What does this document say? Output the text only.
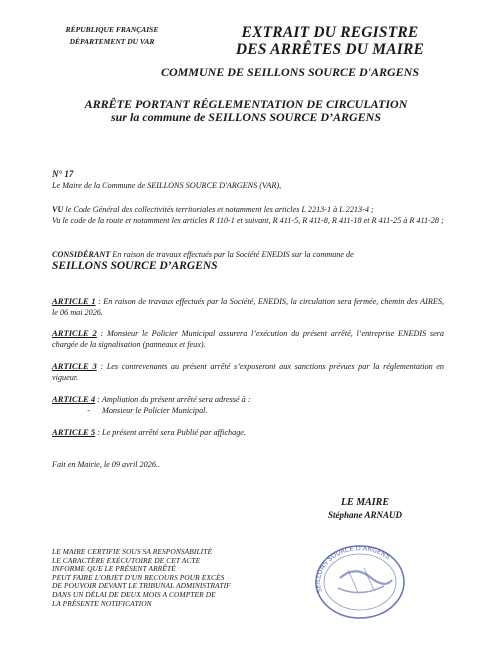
RÉPUBLIQUE FRANÇAISE
DÉPARTEMENT DU VAR
EXTRAIT DU REGISTRE
DES ARRÊTES DU MAIRE
COMMUNE DE SEILLONS SOURCE D'ARGENS
ARRÊTE PORTANT RÉGLEMENTATION DE CIRCULATION
sur la commune de SEILLONS SOURCE D’ARGENS
N° 17
Le Maire de la Commune de SEILLONS SOURCE D'ARGENS (VAR),
VU le Code Général des collectivités territoriales et notamment les articles L 2213-1 à L 2213-4 ;
Vu le code de la route et notamment les articles R 110-1 et suivant, R 411-5, R 411-8, R 411-18 et R 411-25 à R 411-28 ;
CONSIDÉRANT En raison de travaux effectués par la Société ENEDIS sur la commune de
SEILLONS SOURCE D’ARGENS
ARTICLE 1 : En raison de travaux effectués par la Société, ENEDIS, la circulation sera fermée, chemin des AIRES, le 06 mai 2026.
ARTICLE 2 : Monsieur le Policier Municipal assurera l’exécution du présent arrêté, l’entreprise ENEDIS sera chargée de la signalisation (panneaux et feux).
ARTICLE 3 : Les contrevenants au présent arrêté s’exposeront aux sanctions prévues par la réglementation en vigueur.
ARTICLE 4 : Ampliation du présent arrêté sera adressé à :
- Monsieur le Policier Municipal.
ARTICLE 5 : Le présent arrêté sera Publié par affichage.
Fait en Mairie, le 09 avril 2026..
LE MAIRE
Stéphane ARNAUD
SEILLONS SOURCE D'ARGENS
LE MAIRE CERTIFIE SOUS SA RESPONSABILITÉ
LE CARACTÈRE EXÉCUTOIRE DE CET ACTE
INFORME QUE LE PRÉSENT ARRÊTÉ
PEUT FAIRE L'OBJET D'UN RECOURS POUR EXCÈS
DE POUVOIR DEVANT LE TRIBUNAL ADMINISTRATIF
DANS UN DÉLAI DE DEUX MOIS A COMPTER DE
LA PRÉSENTE NOTIFICATION
